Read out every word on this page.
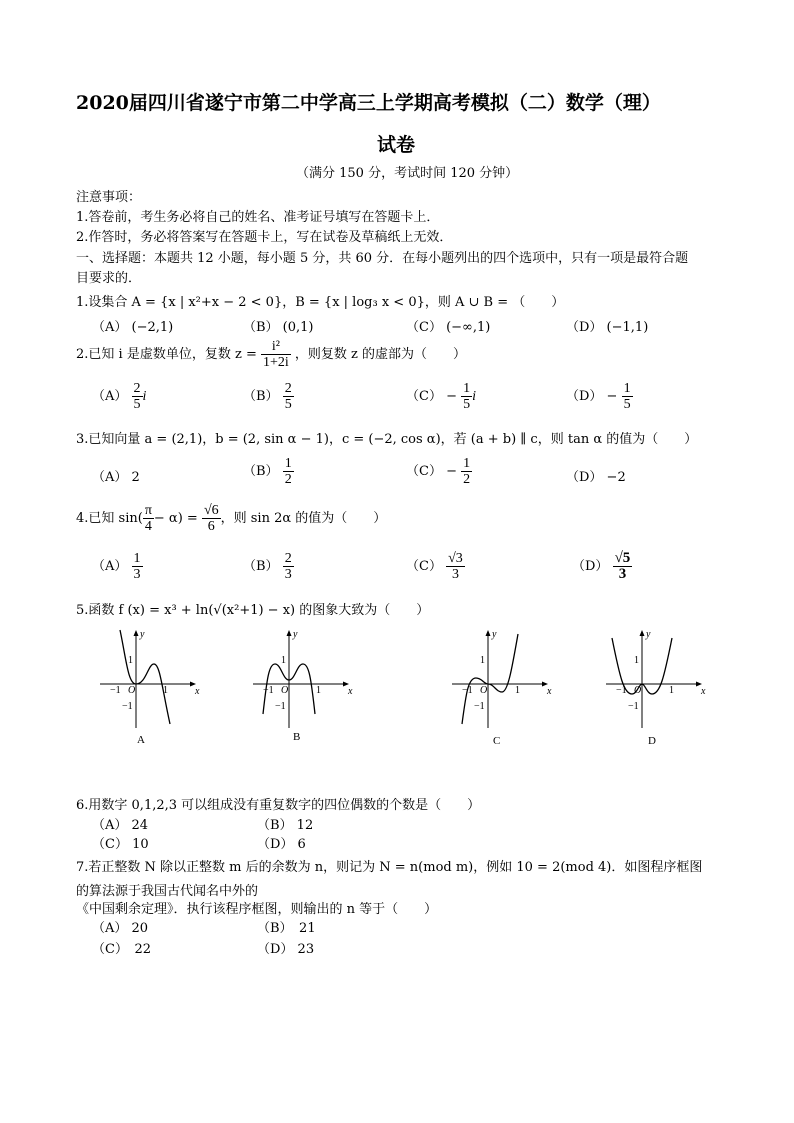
2020届四川省遂宁市第二中学高三上学期高考模拟（二）数学（理）
试卷
（满分 150 分，考试时间 120 分钟）
注意事项：
1.答卷前，考生务必将自己的姓名、准考证号填写在答题卡上．
2.作答时，务必将答案写在答题卡上，写在试卷及草稿纸上无效．
一、选择题：本题共 12 小题，每小题 5 分，共 60 分．在每小题列出的四个选项中，只有一项是最符合题
目要求的．
1.设集合 A = {x | x²+x − 2 < 0}，B = {x | log₃ x < 0}，则 A ∪ B = （　　）
（A） (−2,1)	（B） (0,1)	（C） (−∞,1)	（D） (−1,1)
2.已知 i 是虚数单位，复数 $z = \frac{\text{i²}}{1+2i}$ ，则复数 z 的虚部为（　　）
$(A) \frac{2}{5}$ i	$(B) \frac{2}{5}$	$(C) - \frac{1}{5}$ i	$(D) - \frac{1}{5}$
3.已知向量 a = (2,1)，b = (2, sin α − 1)，c = (−2, cos α)，若 (a + b) ∥ c，则 tan α 的值为（　　）
（A） 2	$(B) \frac{1}{2}$	$(C) - \frac{1}{2}$	（D） −2
4.已知 $\sin( \frac{\pi}{4} - \alpha) = \frac{√6}{6}$ ，则 sin 2α 的值为（　　）
$(A) \frac{1}{3}$	$(B) \frac{2}{3}$	$(C) \frac{√3}{3}$	$(D) \frac{√5}{3}$
5.函数 f (x) = x³ + ln(√(x²+1) − x) 的图象大致为（　　）
y
x
O
1
−1
−1	1
A
y
x
O
1
−1
−1	1
B
y
x
O
1
−1
−1	1
C
y
x
O
1
−1
−1	1
D
6.用数字 0,1,2,3 可以组成没有重复数字的四位偶数的个数是（　　）
（A） 24	（B） 12
（C） 10	（D） 6
7.若正整数 N 除以正整数 m 后的余数为 n，则记为 N = n(mod m)，例如 10 = 2(mod 4)．如图程序框图
的算法源于我国古代闻名中外的
《中国剩余定理》．执行该程序框图，则输出的 n 等于（　　）
（A） 20	（B）　21
（C）　22	（D） 23
